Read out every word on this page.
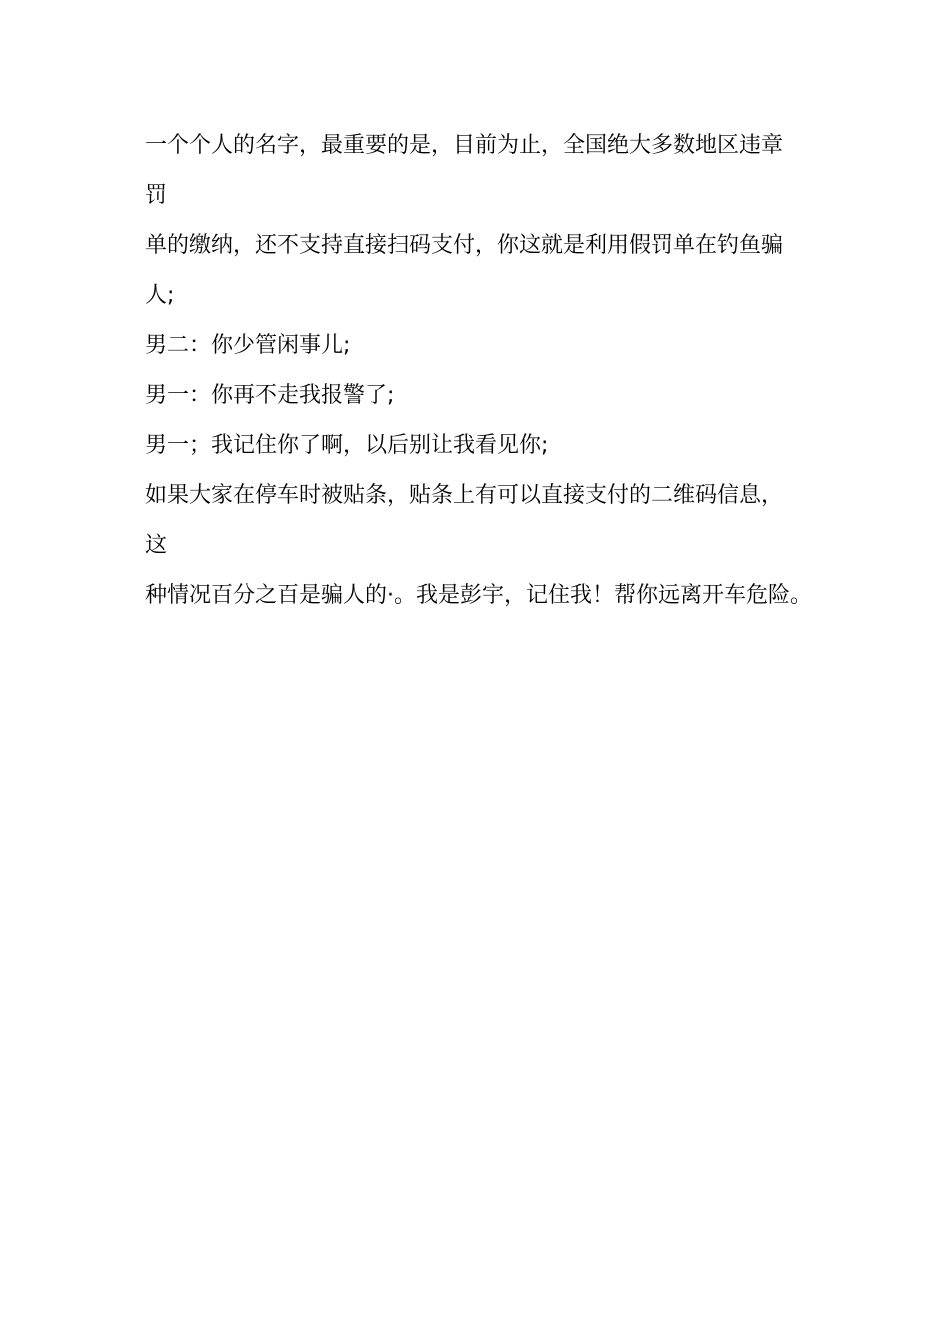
一个个人的名字，最重要的是，目前为止，全国绝大多数地区违章

罚

单的缴纳，还不支持直接扫码支付，你这就是利用假罚单在钓鱼骗

人;

男二：你少管闲事儿;

男一：你再不走我报警了;

男一；我记住你了啊，以后别让我看见你;

如果大家在停车时被贴条，贴条上有可以直接支付的二维码信息，

这

种情况百分之百是骗人的·。我是彭宇，记住我！帮你远离开车危险。
